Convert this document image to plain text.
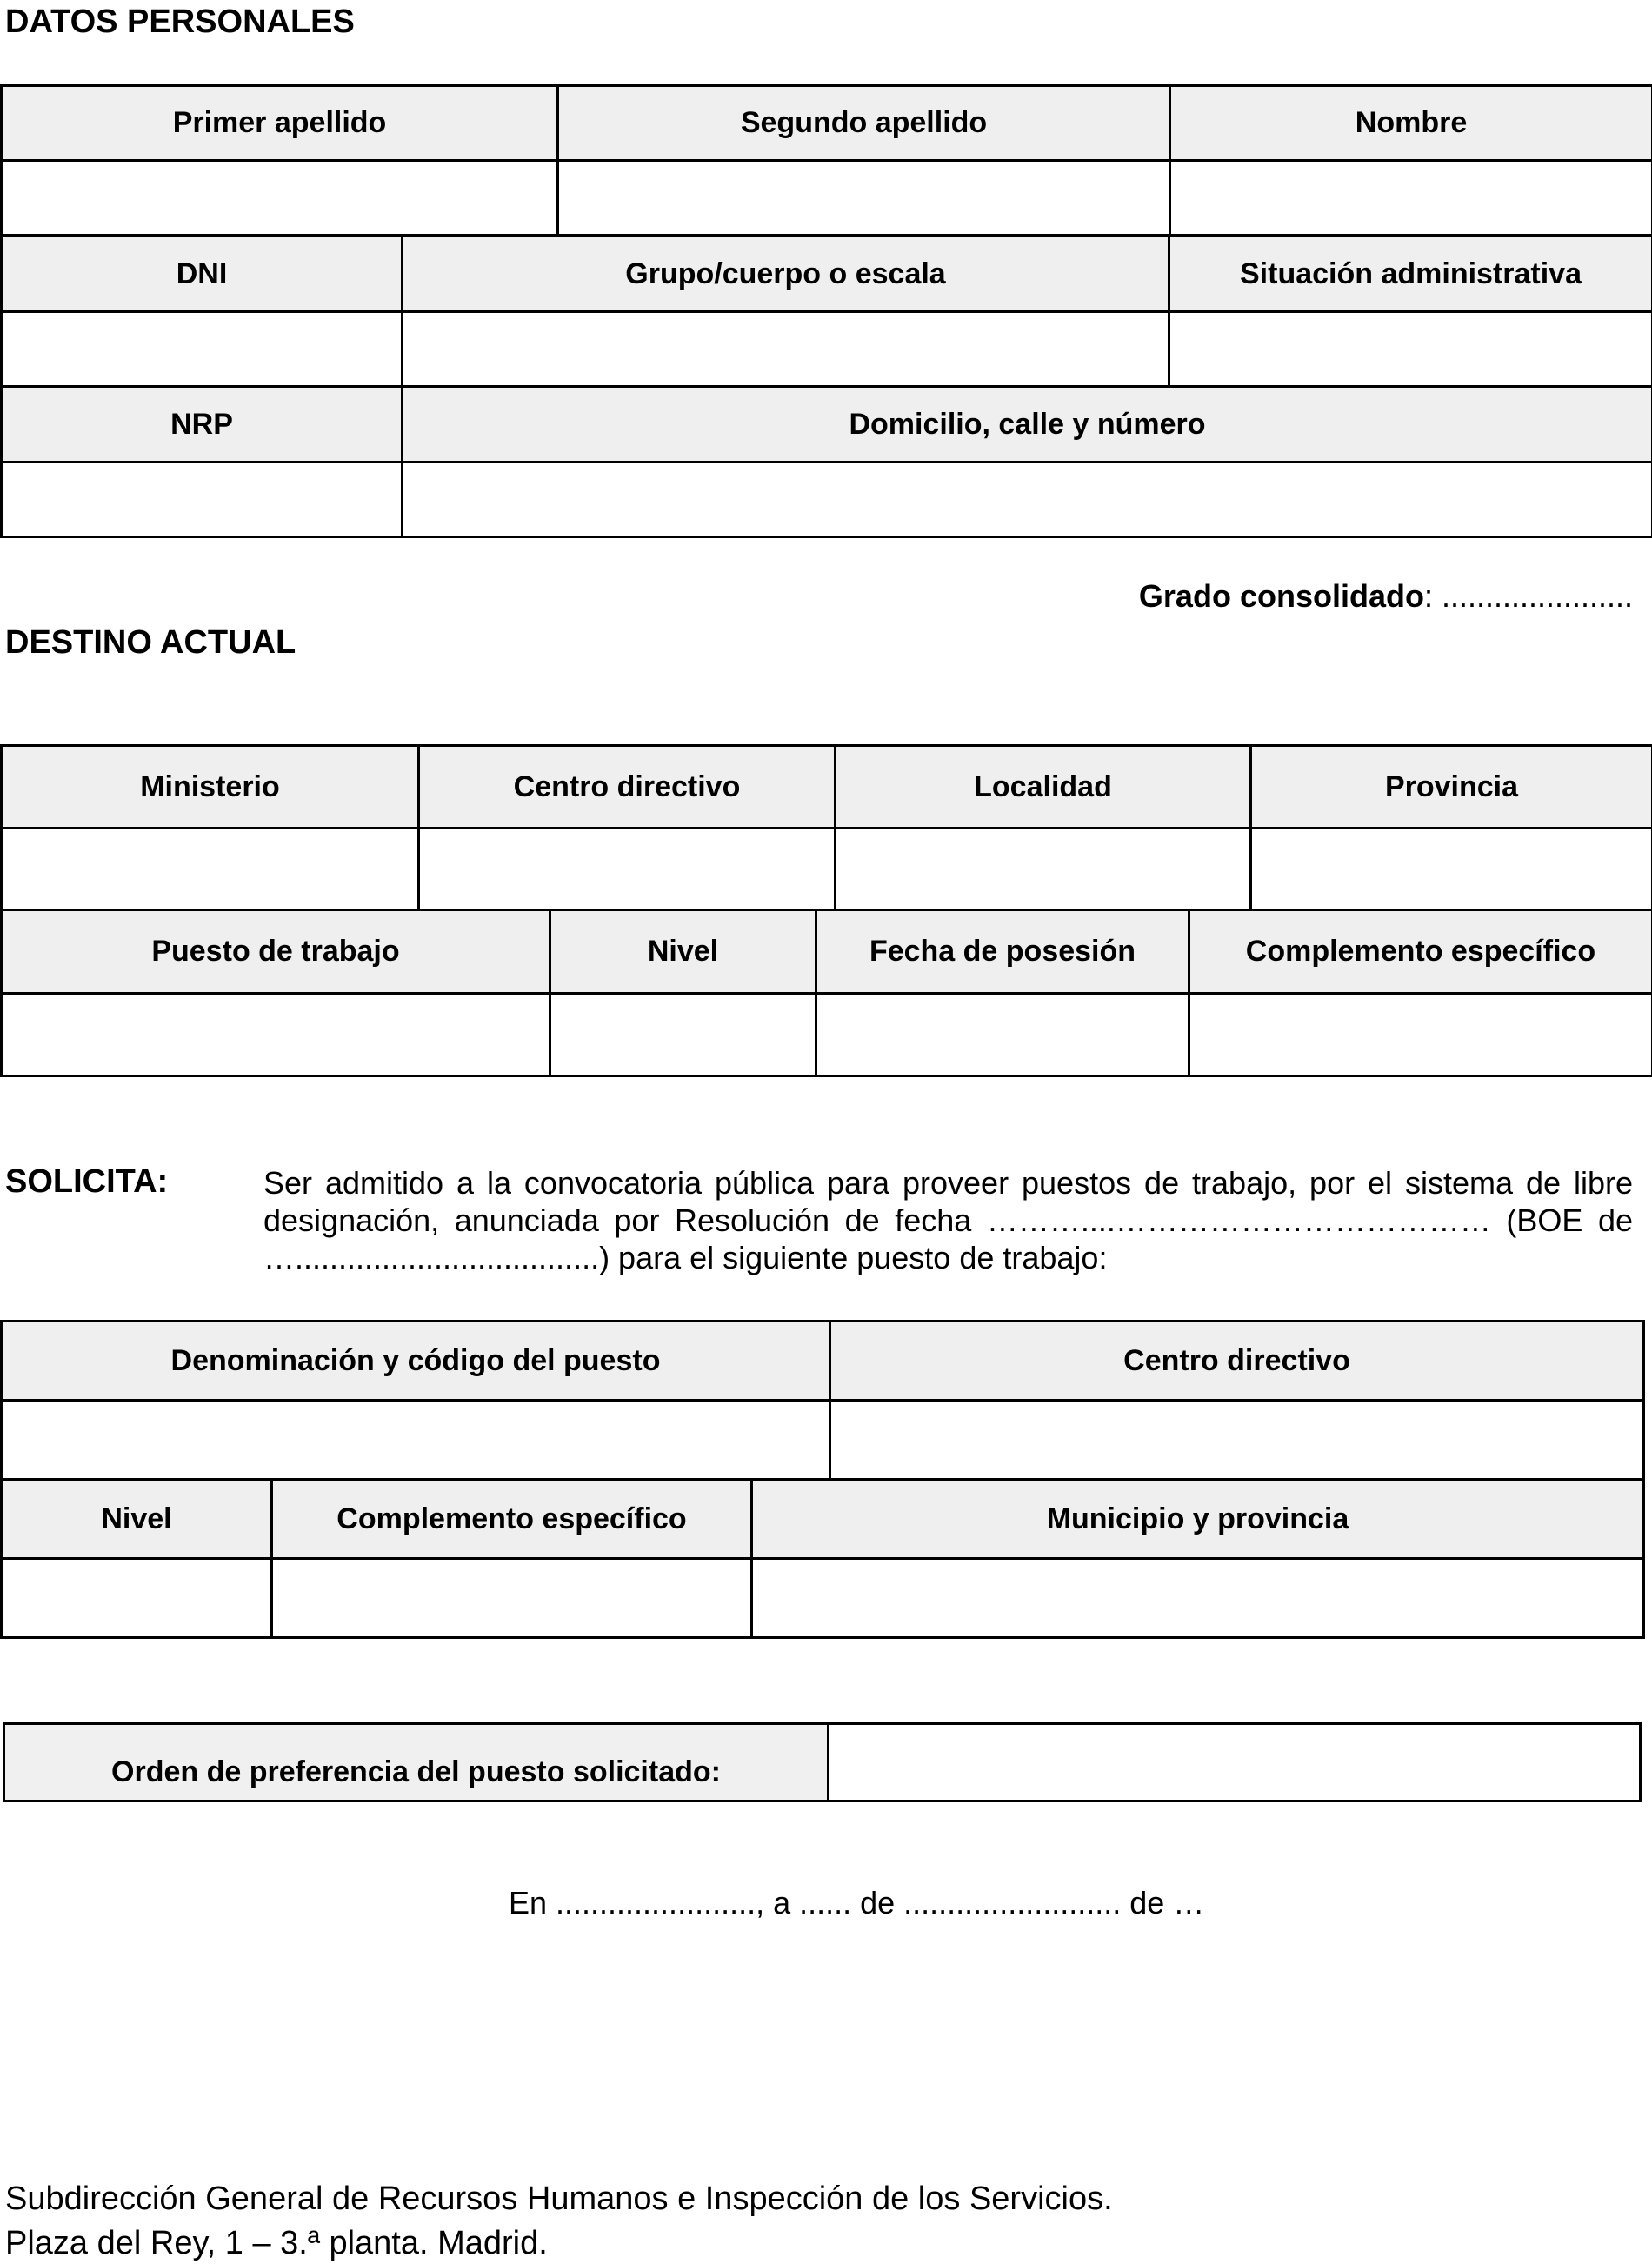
DATOS PERSONALES
Primer apellido	Segundo apellido	Nombre

DNI	Grupo/cuerpo o escala	Situación administrativa

NRP	Domicilio, calle y número	

Grado consolidado: ......................
DESTINO ACTUAL
Ministerio	Centro directivo	Localidad	Provincia

Puesto de trabajo	Nivel	Fecha de posesión	Complemento específico

SOLICITA:	Ser admitido a la convocatoria pública para proveer puestos de trabajo, por el sistema de libre designación, anunciada por Resolución de fecha ………....……………………………… (BOE de …...................................) para el siguiente puesto de trabajo:
Denominación y código del puesto	Centro directivo

Nivel	Complemento específico	Municipio y provincia

Orden de preferencia del puesto solicitado:	
En ......................., a ...... de ......................... de …
Subdirección General de Recursos Humanos e Inspección de los Servicios.
Plaza del Rey, 1 – 3.ª planta. Madrid.
